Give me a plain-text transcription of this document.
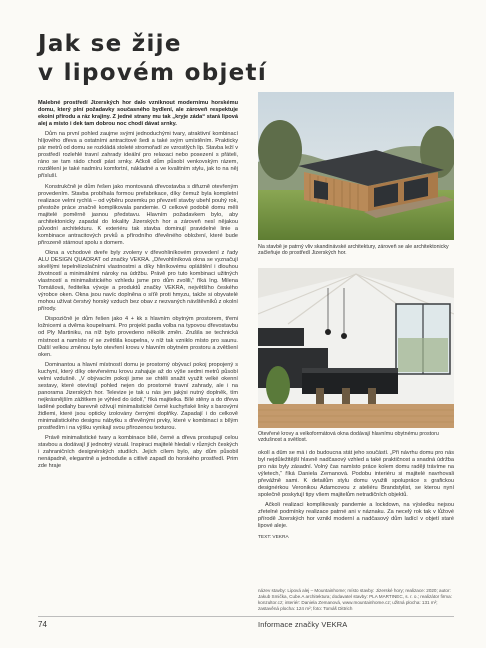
Jak se žije
v lipovém objetí

Malebné prostředí Jizerských hor dalo vzniknout modernímu horskému domu, který plní požadavky současného bydlení, ale zároveň respektuje ekoini přírodu a ráz krajiny. Z jedné strany mu tak „kryje záda“ stará lipová alej a místo i dek tam dobrou noc chodí dávat srnky.

Dům na první pohled zaujme svými jednoduchými tvary, atraktivní kombinací hlíjového dřeva a ostatními antracitové šedi a také svým umístěním. Prakticky pár metrů od domu se rozkládá stoleté stromořadí ze vzrostlých lip. Stavba leží v prostředí rozlehlé travní zahrady ideální pro relaxaci nebo posezení s přáteli, ráno se tam rádo chodí pást srnky. Ačkoli dům působí venkovským rázem, rozdělení je také nadmíru komfortní, nákladné a ve kvalitním stylu, jak to na něj přísluší.

Konstrukčně je dům řešen jako montovaná dřevostavba s difuzně otevřeným provedením. Stavba probíhala formou prefabrikace, díky čemuž byla kompletní realizace velmi rychlá – od výběru pozemku po převzetí stavby ubehl pouhý rok, přestože práce značně komplikovala pandemie. O celkové podobě domu měli majitelé poměrně jasnou představu. Hlavním požadavkem bylo, aby architektonicky zapadal do lokality Jizerských hor a zároveň nesl nějakou původní architekturu. K exteriéru tak stavba dominují pravidelné linie a kombinace antracitových prvků a přírodního dřevěného obložení, které bude přirozeně stárnout spolu s domem.

Okna a vchodové dveře byly zvoleny v dřevohliníkovém provedení z řady ALU DESIGN QUADRAT od značky VEKRA. „Dřevohliníková okna se vyznačují skvělými tepelněizolačními vlastnostmi a díky hliníkovému opláštění i dlouhou životností a minimálními nároky na údržbu. Právě pro tuto kombinaci užitných vlastností a minimalistického vzhledu jsme pro dům zvolili,“ říká Ing. Milena Tomášová, ředitelka vývoje a produktů značky VEKRA, největšího českého výrobce oken. Okna jsou navíc doplněna o síťě proti hmyzu, takže si obyvatelé mohou užívat čerstvý horský vzduch bez obav z nezvaných návštěvníků z okolní přírody.

Dispozičně je dům řešen jako 4 + kk s hlavním obytným prostorem, třemi ložnicemi a dvěma koupelnami. Pro projekt padla volba na typovou dřevostavbu od Ply Martiniku, na níž bylo provedeno několik změn. Zrušila se technická místnost a namísto ní se zvětšila koupelna, v níž tak vzniklo místo pro saunu. Další velkou změnou bylo otevření krovu v hlavním obytném prostoru a zvětšení oken.

Dominantou a hlavní místností domu je prostorný obývací pokoj propojený s kuchyní, který díky otevřenému krovu zahajuje až do výše sedmi metrů působí velmi vzdušně. „V obývacím pokoji jsme se chtěli snažit využít velké okenní sestavy, které otevírají pohled nejen do prostorné travní zahrady, ale i na panorama Jizerských hor. Televize je tak u nás jen jakýsi nutný doplněk, tím nejkrásnějším zážitkem je výhled do údolí,“ říká majitelka. Bílé stěny a do dřeva laděné podlahy barevně ožívují minimalistické černé kuchyňské linky s barovými židlemi, které jsou opticky izolovány černými doplňky. Zapadají i do celkově minimalistického designu nábytku s dřevěnými prvky, které v kombinaci s bílým prostředím i na výšku vynikají svou přirozenou texturou.

Právě minimalistické tvary a kombinace bílé, černé a dřeva prostupují celou stavbou a dodávají jí jednotný vizuál. Inspiraci majitelé hledali v různých českých i zahraničních designérských studiích. Jejich cílem bylo, aby dům působil nenápadně, elegantně a jednoduše a citlivě zapadl do horského prostředí. Prim zde hraje

Na stavbě je patrný vliv skandinávské architektury, zároveň se ale architektonicky začleňuje do prostředí Jizerských hor.
Otevřené krovy a velkoformátová okna dodávají hlavnímu obytnému prostoru vzdušnost a světlost.

okolí a dům se má i do budoucna stát jeho součástí. „Při návrhu domu pro nás byl nejdůležitější hlavně nadčasový vzhled a také praktičnost a snadná údržba pro nás byly zásadní. Volný čas namísto práce kolem domu raději trávíme na výletech,“ říká Daniela Zemanová. Podobu interiéru si majitelé navrhovali převážně sami. K detailům stylu domu využili spolupráce s grafickou designérkou Veronikou Adamcovou z ateliéru Brandstylist, se kterou nyní společně poskytují tipy všem majitelům netradičních objektů.

Ačkoli realizaci komplikovaly pandemie a lockdown, na výsledku nejsou zřetelné podmínky realizace patrné ani v náznaku. Za necelý rok tak v lůžové přírodě Jizerských hor vznikl moderní a nadčasový dům ladící v objetí staré lipové aleje.

TEXT: VEKRA

název stavby: Lipová alej – Mountainhome; místo stavby: Jizerské hory; realizace: 2020; autor: Jakub Smička, Cube.A architektura; dodavatel stavby: PLA MARTINEC, s. r. o.; realizátor firma: konzultor.cz; interiér: Daniela Zemanová, www.mountainhome.cz; užitná plocha: 131 m²; zastavěná plocha: 124 m²; foto: Tomáš Dittrich
74	Informace značky VEKRA
